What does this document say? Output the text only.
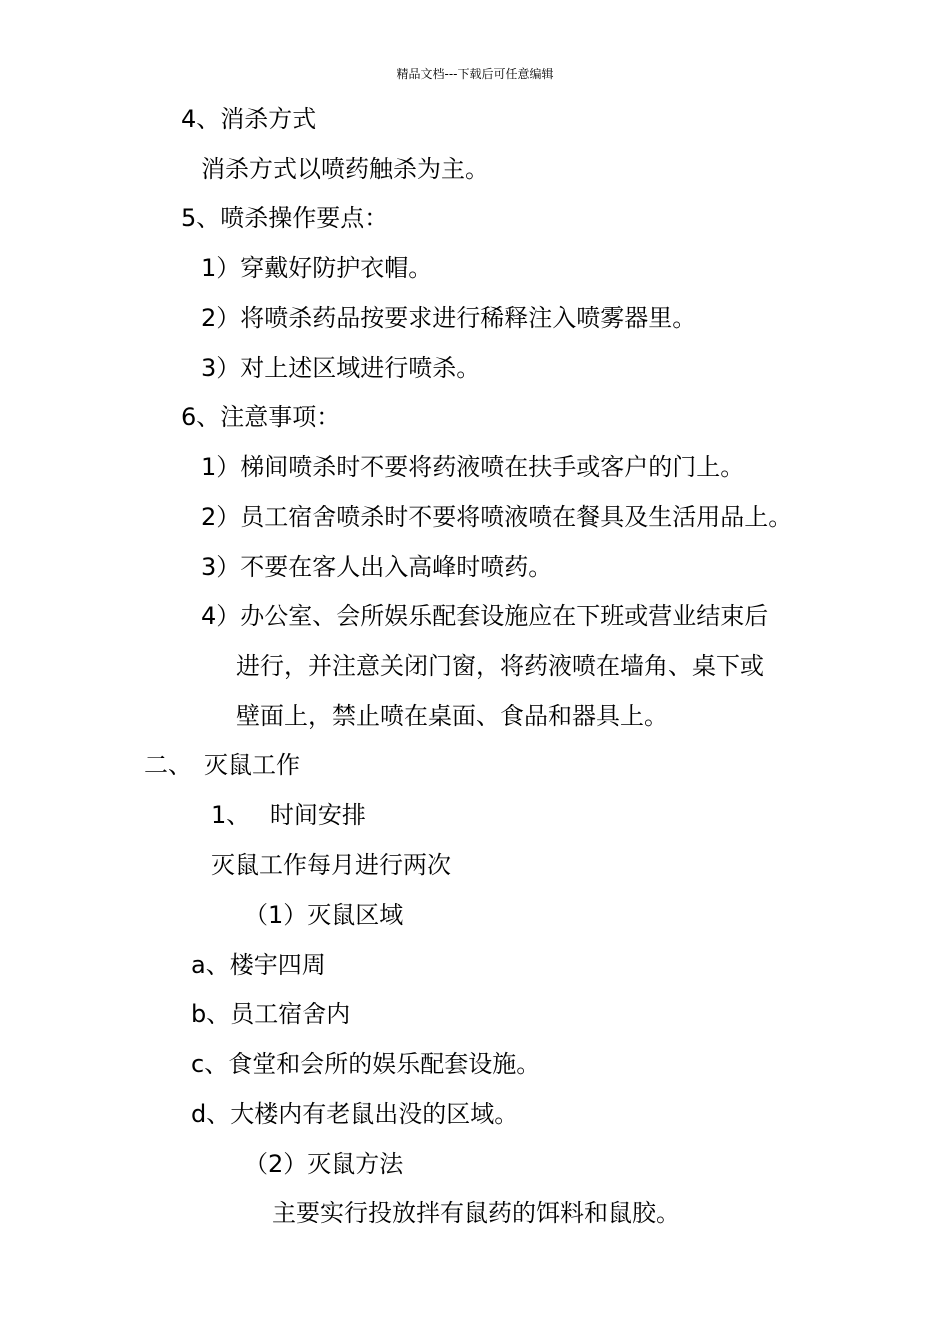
精品文档---下载后可任意编辑
4、消杀方式
消杀方式以喷药触杀为主。
5、喷杀操作要点：
1）穿戴好防护衣帽。
2）将喷杀药品按要求进行稀释注入喷雾器里。
3）对上述区域进行喷杀。
6、注意事项：
1）梯间喷杀时不要将药液喷在扶手或客户的门上。
2）员工宿舍喷杀时不要将喷液喷在餐具及生活用品上。
3）不要在客人出入高峰时喷药。
4）办公室、会所娱乐配套设施应在下班或营业结束后
进行，并注意关闭门窗，将药液喷在墙角、桌下或
壁面上，禁止喷在桌面、食品和器具上。
二、　灭鼠工作
1、　 时间安排
灭鼠工作每月进行两次
（1）灭鼠区域
a、楼宇四周
b、员工宿舍内
c、食堂和会所的娱乐配套设施。
d、大楼内有老鼠出没的区域。
（2）灭鼠方法
主要实行投放拌有鼠药的饵料和鼠胶。
